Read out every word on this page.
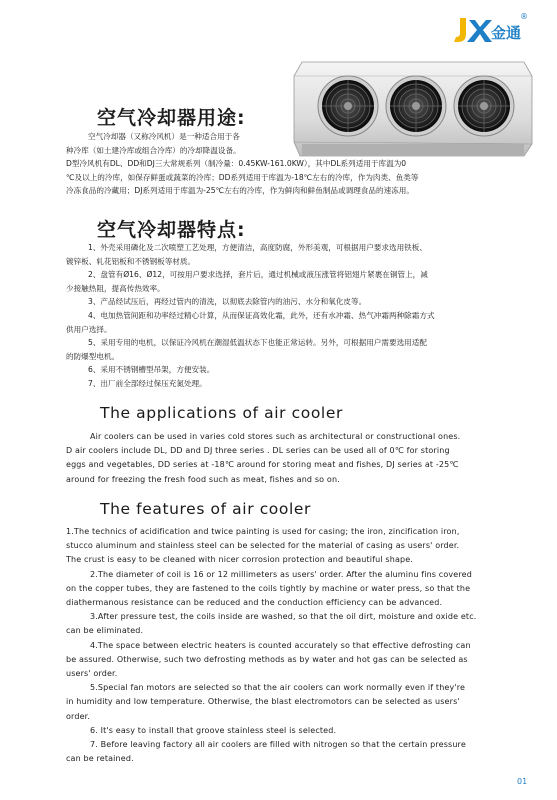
金通
®
空气冷却器用途:
空气冷却器（又称冷风机）是一种适合用于各
种冷库（如土建冷库或组合冷库）的冷却降温设备。
D型冷风机有DL、DD和DJ三大常规系列（制冷量：0.45KW-161.0KW），其中DL系列适用于库温为0
℃及以上的冷库，如保存鲜蛋或蔬菜的冷库；DD系列适用于库温为-18℃左右的冷库，作为肉类、鱼类等
冷冻食品的冷藏用；DJ系列适用于库温为-25℃左右的冷库，作为鲜肉和鲜鱼制品或调理食品的速冻用。
空气冷却器特点:
1、外壳采用磷化及二次喷塑工艺处理，方便清洁，高度防腐，外形美观，可根据用户要求选用铁板、
镀锌板、轧花铝板和不锈钢板等材质。
2、盘管有Ø16、Ø12，可按用户要求选择，套片后，通过机械或液压涨管将铝翅片紧裹在铜管上，减
少接触热阻，提高传热效率。
3、产品经试压后，再经过管内的清洗，以彻底去除管内的油污、水分和氧化皮等。
4、电加热管间距和功率经过精心计算，从而保证高效化霜，此外，还有水冲霜、热气冲霜两种除霜方式
供用户选择。
5、采用专用的电机，以保证冷风机在潮湿低温状态下也能正常运转。另外，可根据用户需要选用适配
的防爆型电机。
6、采用不锈钢槽型吊架，方便安装。
7、出厂前全部经过保压充氮处理。
The applications of air cooler
Air coolers can be used in varies cold stores such as architectural or constructional ones.
D air coolers include DL, DD and DJ three series . DL series can be used all of 0℃ for storing
eggs and vegetables, DD series at -18℃ around for storing meat and fishes, DJ series at -25℃
around for freezing the fresh food such as meat, fishes and so on.
The features of air cooler
1.The technics of acidification and twice painting is used for casing; the iron, zincification iron,
stucco aluminum and stainless steel can be selected for the material of casing as users' order.
The crust is easy to be cleaned with nicer corrosion protection and beautiful shape.
2.The diameter of coil is 16 or 12 millimeters as users' order. After the aluminu fins covered
on the copper tubes, they are fastened to the coils tightly by machine or water press, so that the
diathermanous resistance can be reduced and the conduction efficiency can be advanced.
3.After pressure test, the coils inside are washed, so that the oil dirt, moisture and oxide etc.
can be eliminated.
4.The space between electric heaters is counted accurately so that effective defrosting can
be assured. Otherwise, such two defrosting methods as by water and hot gas can be selected as
users' order.
5.Special fan motors are selected so that the air coolers can work normally even if they're
in humidity and low temperature. Otherwise, the blast electromotors can be selected as users'
order.
6. It's easy to install that groove stainless steel is selected.
7. Before leaving factory all air coolers are filled with nitrogen so that the certain pressure
can be retained.
01
